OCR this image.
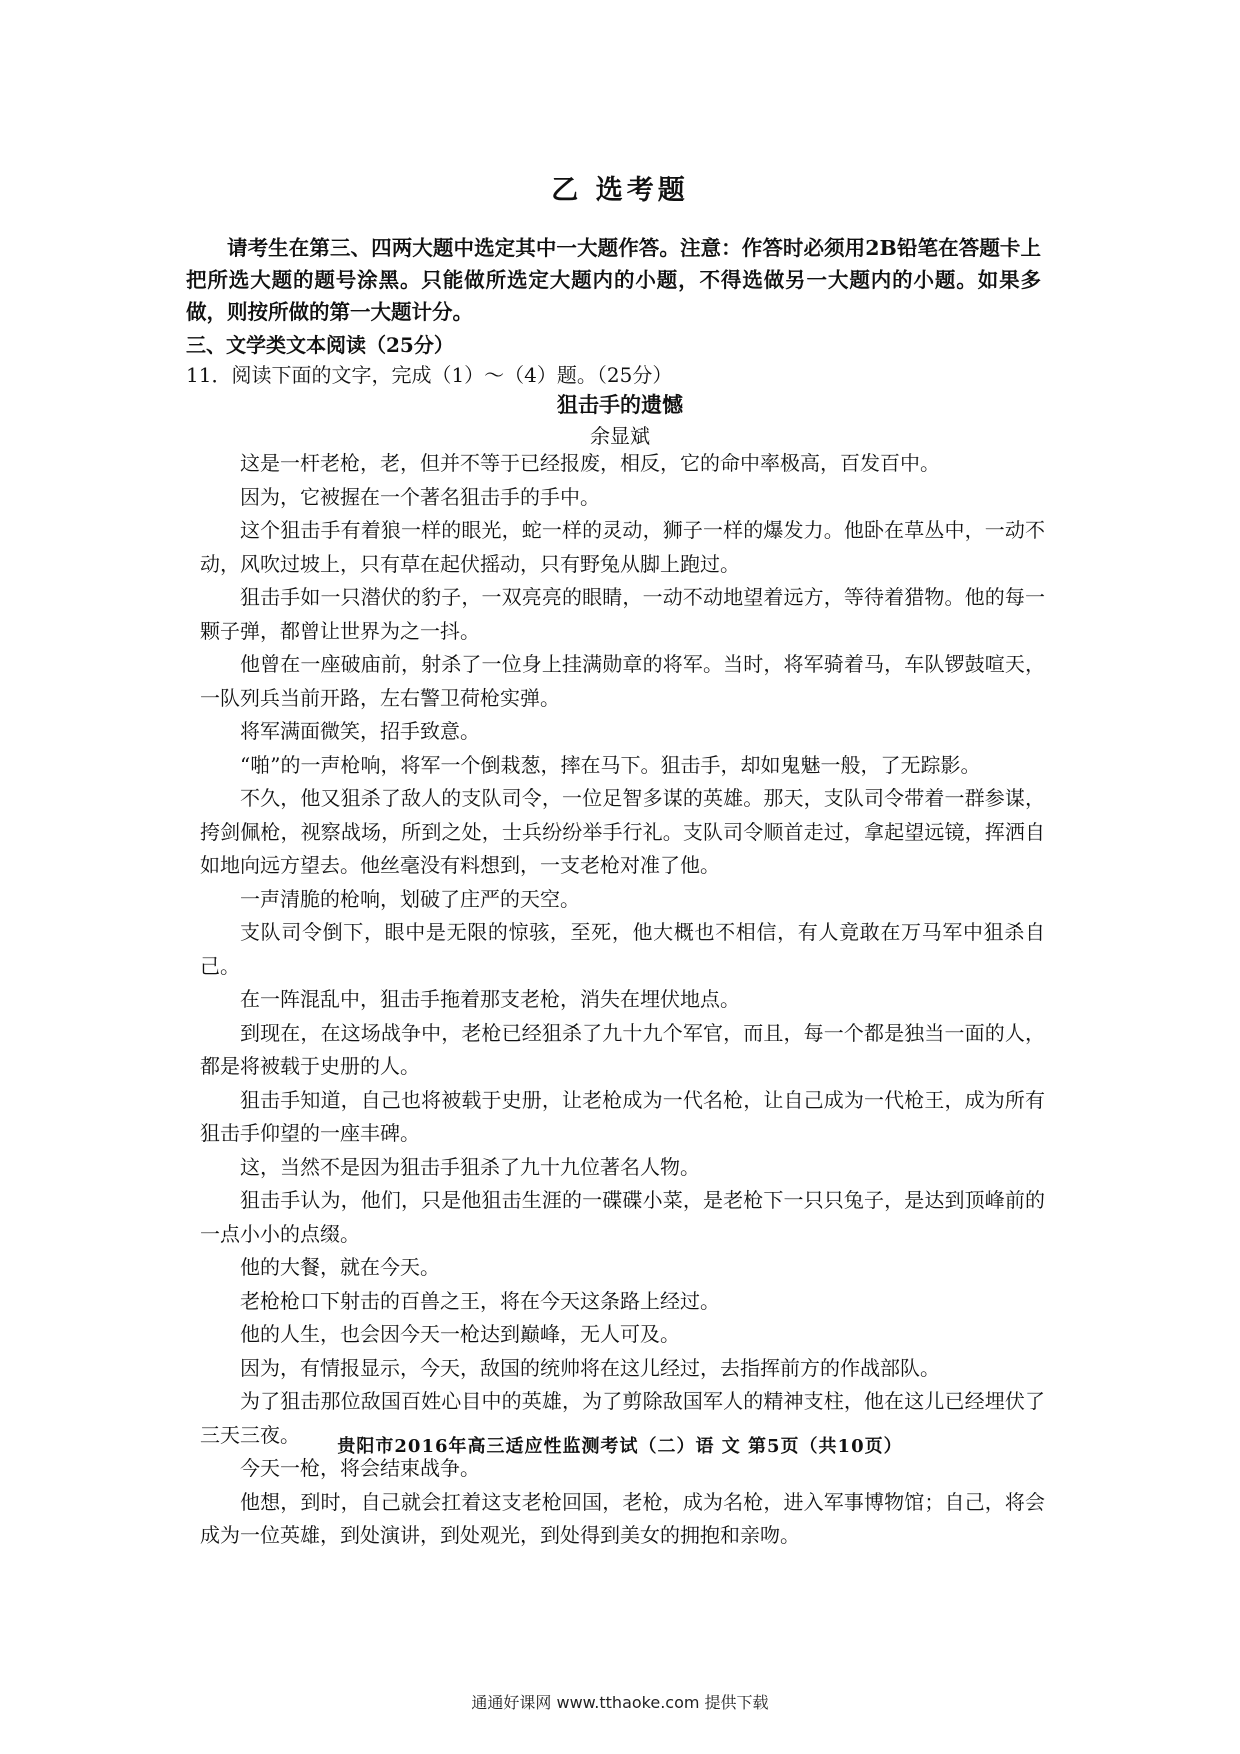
乙 选考题
请考生在第三、四两大题中选定其中一大题作答。注意：作答时必须用2B铅笔在答题卡上把所选大题的题号涂黑。只能做所选定大题内的小题，不得选做另一大题内的小题。如果多做，则按所做的第一大题计分。
三、文学类文本阅读（25分）
11．阅读下面的文字，完成（1）～（4）题。（25分）
狙击手的遗憾
余显斌

这是一杆老枪，老，但并不等于已经报废，相反，它的命中率极高，百发百中。

因为，它被握在一个著名狙击手的手中。

这个狙击手有着狼一样的眼光，蛇一样的灵动，狮子一样的爆发力。他卧在草丛中，一动不动，风吹过坡上，只有草在起伏摇动，只有野兔从脚上跑过。

狙击手如一只潜伏的豹子，一双亮亮的眼睛，一动不动地望着远方，等待着猎物。他的每一颗子弹，都曾让世界为之一抖。

他曾在一座破庙前，射杀了一位身上挂满勋章的将军。当时，将军骑着马，车队锣鼓喧天，一队列兵当前开路，左右警卫荷枪实弹。

将军满面微笑，招手致意。

“啪”的一声枪响，将军一个倒栽葱，摔在马下。狙击手，却如鬼魅一般，了无踪影。

不久，他又狙杀了敌人的支队司令，一位足智多谋的英雄。那天，支队司令带着一群参谋，挎剑佩枪，视察战场，所到之处，士兵纷纷举手行礼。支队司令顺首走过，拿起望远镜，挥洒自如地向远方望去。他丝毫没有料想到，一支老枪对准了他。

一声清脆的枪响，划破了庄严的天空。

支队司令倒下，眼中是无限的惊骇，至死，他大概也不相信，有人竟敢在万马军中狙杀自己。

在一阵混乱中，狙击手拖着那支老枪，消失在埋伏地点。

到现在，在这场战争中，老枪已经狙杀了九十九个军官，而且，每一个都是独当一面的人，都是将被载于史册的人。

狙击手知道，自己也将被载于史册，让老枪成为一代名枪，让自己成为一代枪王，成为所有狙击手仰望的一座丰碑。

这，当然不是因为狙击手狙杀了九十九位著名人物。

狙击手认为，他们，只是他狙击生涯的一碟碟小菜，是老枪下一只只兔子，是达到顶峰前的一点小小的点缀。

他的大餐，就在今天。

老枪枪口下射击的百兽之王，将在今天这条路上经过。

他的人生，也会因今天一枪达到巅峰，无人可及。

因为，有情报显示，今天，敌国的统帅将在这儿经过，去指挥前方的作战部队。

为了狙击那位敌国百姓心目中的英雄，为了剪除敌国军人的精神支柱，他在这儿已经埋伏了三天三夜。

今天一枪，将会结束战争。

他想，到时，自己就会扛着这支老枪回国，老枪，成为名枪，进入军事博物馆；自己，将会成为一位英雄，到处演讲，到处观光，到处得到美女的拥抱和亲吻。

贵阳市2016年高三适应性监测考试（二）语 文 第5页（共10页）
通通好课网 www.tthaoke.com 提供下载
